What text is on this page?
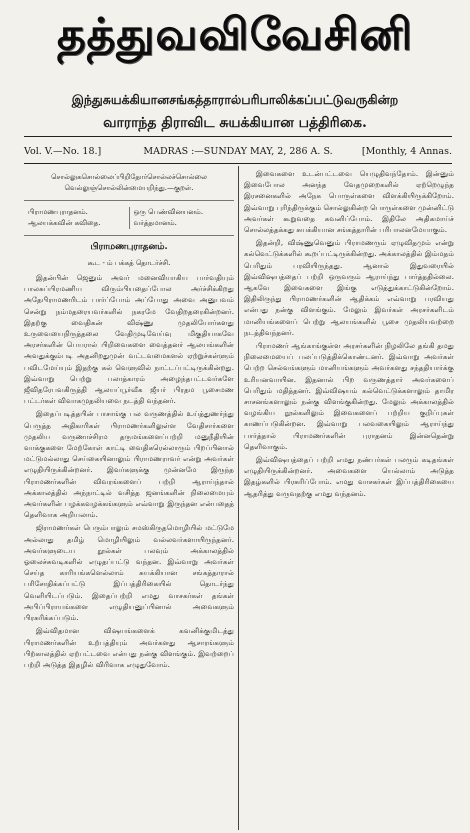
தத்துவவிவேசினி
இந்துசுயக்கியானசங்கத்தாரால்பரிபாலிக்கப்பட்டுவருகின்ற
வாராந்த திராவிட சுயக்கியான பத்திரிகை.
Vol. V.—No. 18.]	MADRAS :—SUNDAY MAY, 2, 286 A. S.	[Monthly, 4 Annas.
சொல்லுகசொல்லைப்பிறிதோர்சொல்லச்சொல்லை
வெல்லுஞ்சொல்லின்மையறிந்து.—குறள்.
பிராமணபுராதனம்.
ஆலயக்கவின் கவிதை.
ஒரு பெண்வினயனம்.
வர்த்தமானம்.
பிராமணபுராதனம்.
கூட - ம் பக்கத் தொடர்ச்சி.

இதன்பின் ஜெனும் அவர் மனைவியாகிய பார்வதியும் பாலசுப்பிரமணிய விரும்பியதைப்போல அர்ச்சிக்கிறது அதேபிராமணரிடம் பார்ப்போம் அப்போது அவை அனுபவம் சென்று நம்மதரையவர்களில் நகரமே வேதிறதரைகின்றனர். இதற்கு வைதிகன் விஷ்ணு முதலியோர்களது உருவையைநிருத்தலை வேதிமுடிவேய்வு மிகுதியாகவே அரசர்களின் பெயரால் பிறிவைகளை வைத்தனர் ஆலயங்களின் அவதுக்கும்படி அதனிறதுமுன் வட்டவமைகளல் ஏற்றுச்கள்ளும் பவிடமேய்யும் இதற்கு கல் வெளுவில் நாட்டப்பட்டிருக்கின்றது. இவ்வாறு பெற்று பலாத்காரம் அழைந்தபட்டவர்களே ஜீவிதரேபவகிருத்தி ஆலயப்பூர்வீக ஜீயர் பிரதம பூசைமண பட்டர்கள் விவாகமுதலியவை நடத்தி வந்தனர்.

இதைப்படித்தபின் பாசாங்கு பல வருணத்தில் உய்த்துணர்ந்து பெருத்த அதிகாரிகள் பிராமணர்களிலுள்ள வேதிசார்களை முதலிய வருணாச்சிரம தருமங்களைப்பற்றி மனுநீதியின் வாக்குகளை மேற்கோள் காட்டி வைதிகரெல்லாரும் பிறப்பினால் மட்டுமல்லாது செய்கையினாலும் பிராமணராவர் என்று அவர்கள் எழுதியிருக்கின்றனர். இவர்களுக்கு முன்னமே இருந்த பிராமணர்களின் விவரங்களைப் பற்றி ஆராய்ந்தால் அக்காலத்தில் அந்நாட்டில் வசித்த ஜனங்களின் நிலைமையும் அவர்களின் பழக்கவழக்கங்களும் எவ்வாறு இருந்தன என்பதைத் தெளிவாக அறியலாம்.

ஜிராமணர்கள் பெரும்பாலும் சமஸ்கிருதமொழியில் மட்டுமே அல்லாது தமிழ் மொழியிலும் வல்லவர்களாயிருந்தனர். அவர்களுடைய நூல்கள் பலவும் அக்காலத்தில் ஓலைச்சுவடிகளில் எழுதப்பட்டு வந்தன. இவ்வாறு அவர்கள் செய்த காரியங்களெல்லாம் சுயக்கியான சங்கத்தாரால் பரிசோதிக்கப்பட்டு இப்பத்திரிகையில் தொடர்ந்து வெளியிடப்படும். இதைப்பற்றி எமது வாசகர்கள் தங்கள் அபிப்பிராயங்களை எழுதியனுப்பினால் அவைகளும் பிரசுரிக்கப்படும்.

இவ்விதமான விஷயங்களைக் கவனிக்குமிடத்து பிராமணர்களின் உற்பத்தியும் அவர்களது ஆசாரங்களும் பிற்காலத்தில் ஏற்பட்டவை என்பது நன்கு விளங்கும். இவற்றைப் பற்றி அடுத்த இதழில் விரிவாக எழுதுவோம்.

இவைகளை உடன்பட்டவை யெழுதிவந்தோம். இன்னும் இவைபோல அனந்த வேதமுறைகளில் ஏற்றெழுந்த இரசனைகளில் அநேக பொருள்களை விளக்கியிருக்கிறோம். இவ்வாறு புரிந்திருக்கும் சொல்லுகின்ற பொருள்களை முன்னிட்டு அவர்கள் கூறுவதை கவனிப்போம். இதிலே அதிகமாய்ச் சொல்லத்தக்கது சுயக்கியான சங்கத்தாரின் பரிபாலனமேயாகும்.

இதன்றி, விஷ்ணுவெனும் பிராமணரும் ஏழுவிதமும் என்று கல்வெட்டுக்களில் கூறப்பட்டிருக்கின்றது. அக்காலத்தில் இம்மதம் பெரிதும் பரவியிருந்தது. ஆனால் இதுவரையில் இவ்விஷயத்தைப் பற்றி ஒருவரும் ஆராய்ந்து பார்த்ததில்லை. ஆகவே இவைகளை இங்கு எடுத்துக்காட்டுகின்றோம். இதிலிருந்து பிராமணர்களின் ஆதிக்கம் எவ்வாறு பரவியது என்பது நன்கு விளங்கும். மேலும் இவர்கள் அரசர்களிடம் மானியங்களைப் பெற்று ஆலயங்களில் பூசை முதலியவற்றை நடத்திவந்தனர்.

பிராமணர் ஆங்காங்குள்ள அரசர்களின் நிழலிலே தங்கி தமது நிலைமையைப் பலப்படுத்திக்கொண்டனர். இவ்வாறு அவர்கள் பெற்ற செல்வங்களும் மானியங்களும் அவர்களது சந்ததியார்க்கு உரியனவாயின. இதனால் பிற வருணத்தார் அவர்களைப் பெரிதும் மதித்தனர். இவ்விஷயம் கல்வெட்டுக்களாலும் தாமிர சாசனங்களாலும் நன்கு விளங்குகின்றது. மேலும் அக்காலத்தில் வழங்கிய நூல்களிலும் இவைகளைப் பற்றிய குறிப்புகள் காணப்படுகின்றன. இவ்வாறு பலவகையிலும் ஆராய்ந்து பார்த்தால் பிராமணர்களின் புராதனம் இன்னதென்று தெளிவாகும்.

இவ்விஷயத்தைப் பற்றி எமது நண்பர்கள் பலரும் கடிதங்கள் எழுதியிருக்கின்றனர். அவைகளை யெல்லாம் அடுத்த இதழ்களில் பிரசுரிப்போம். எமது வாசகர்கள் இப்பத்திரிகையை ஆதரித்து வருவதற்கு எமது வந்தனம்.
